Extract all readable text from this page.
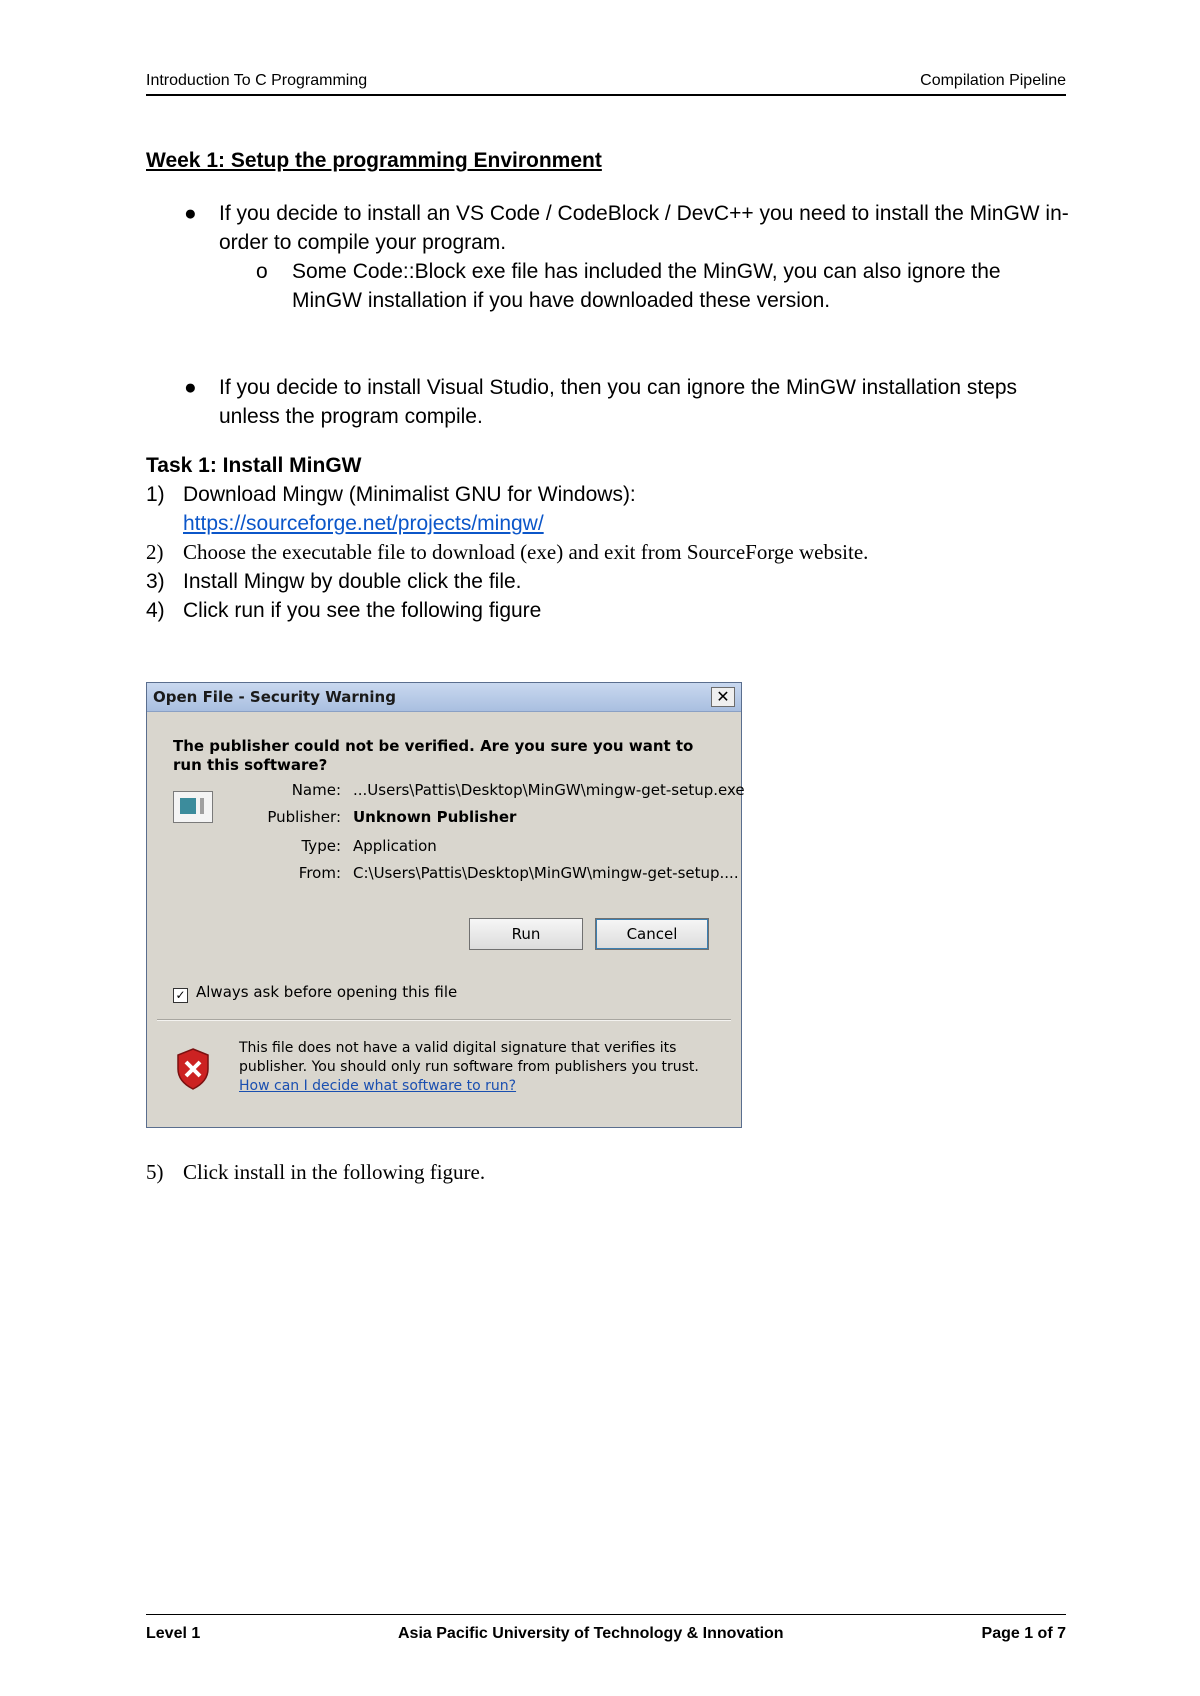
Introduction To C Programming	Compilation Pipeline
Week 1: Setup the programming Environment
● If you decide to install an VS Code / CodeBlock / DevC++ you need to install the MinGW in-order to compile your program.
o Some Code::Block exe file has included the MinGW, you can also ignore the MinGW installation if you have downloaded these version.
● If you decide to install Visual Studio, then you can ignore the MinGW installation steps unless the program compile.
Task 1: Install MinGW
1) Download Mingw (Minimalist GNU for Windows):
https://sourceforge.net/projects/mingw/
2) Choose the executable file to download (exe) and exit from SourceForge website.
3) Install Mingw by double click the file.
4) Click run if you see the following figure
Open File - Security Warning	✕
The publisher could not be verified. Are you sure you want to run this software?
Name: ...Users\Pattis\Desktop\MinGW\mingw-get-setup.exe
Publisher: Unknown Publisher
Type: Application
From: C:\Users\Pattis\Desktop\MinGW\mingw-get-setup....
Run	Cancel
✓ Always ask before opening this file
This file does not have a valid digital signature that verifies its publisher. You should only run software from publishers you trust.
How can I decide what software to run?
5) Click install in the following figure.
Level 1	Asia Pacific University of Technology & Innovation	Page 1 of 7
